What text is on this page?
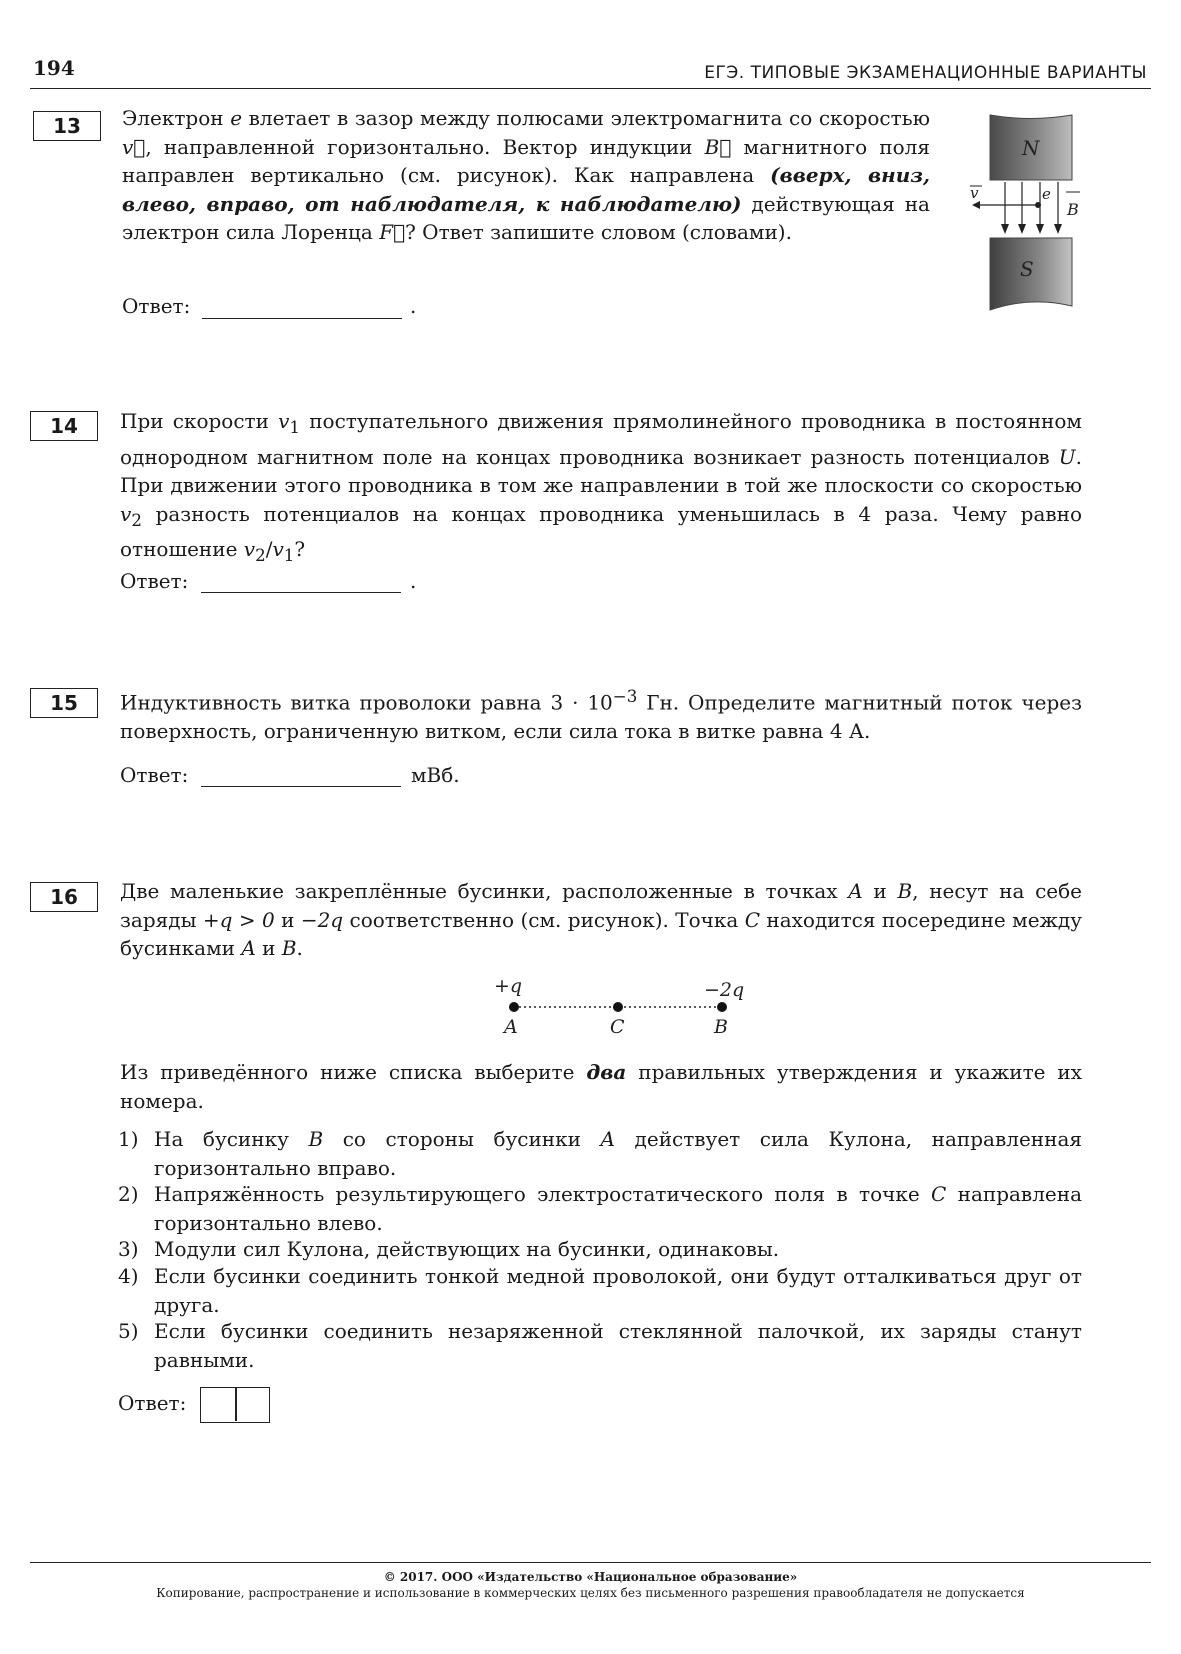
194	ЕГЭ. ТИПОВЫЕ ЭКЗАМЕНАЦИОННЫЕ ВАРИАНТЫ
13	Электрон e влетает в зазор между полюсами электромагнита со скоростью v⃗, направленной горизонтально. Вектор индукции B⃗ магнитного поля направлен вертикально (см. рисунок). Как направлена (вверх, вниз, влево, вправо, от наблюдателя, к наблюдателю) действующая на электрон сила Лоренца F⃗? Ответ запишите словом (словами).
Ответ:	.
N
S
v	e
B
14	При скорости $v_1$ поступательного движения прямолинейного проводника в постоянном однородном магнитном поле на концах проводника возникает разность потенциалов U. При движении этого проводника в том же направлении в той же плоскости со скоростью $v_2$ разность потенциалов на концах проводника уменьшилась в 4 раза. Чему равно отношение $v_2/v_1$?
Ответ:	.
15	Индуктивность витка проволоки равна $3 \cdot 10^{-3}$ Гн. Определите магнитный поток через поверхность, ограниченную витком, если сила тока в витке равна 4 А.
Ответ:	мВб.
16	Две маленькие закреплённые бусинки, расположенные в точках A и B, несут на себе заряды +q > 0 и −2q соответственно (см. рисунок). Точка C находится посередине между бусинками A и B.
+q	−2q
A	C	B
Из приведённого ниже списка выберите два правильных утверждения и укажите их номера.
1) На бусинку B со стороны бусинки A действует сила Кулона, направленная горизонтально вправо.
2) Напряжённость результирующего электростатического поля в точке C направлена горизонтально влево.
3) Модули сил Кулона, действующих на бусинки, одинаковы.
4) Если бусинки соединить тонкой медной проволокой, они будут отталкиваться друг от друга.
5) Если бусинки соединить незаряженной стеклянной палочкой, их заряды станут равными.
Ответ:
© 2017. ООО «Издательство «Национальное образование»
Копирование, распространение и использование в коммерческих целях без письменного разрешения правообладателя не допускается
